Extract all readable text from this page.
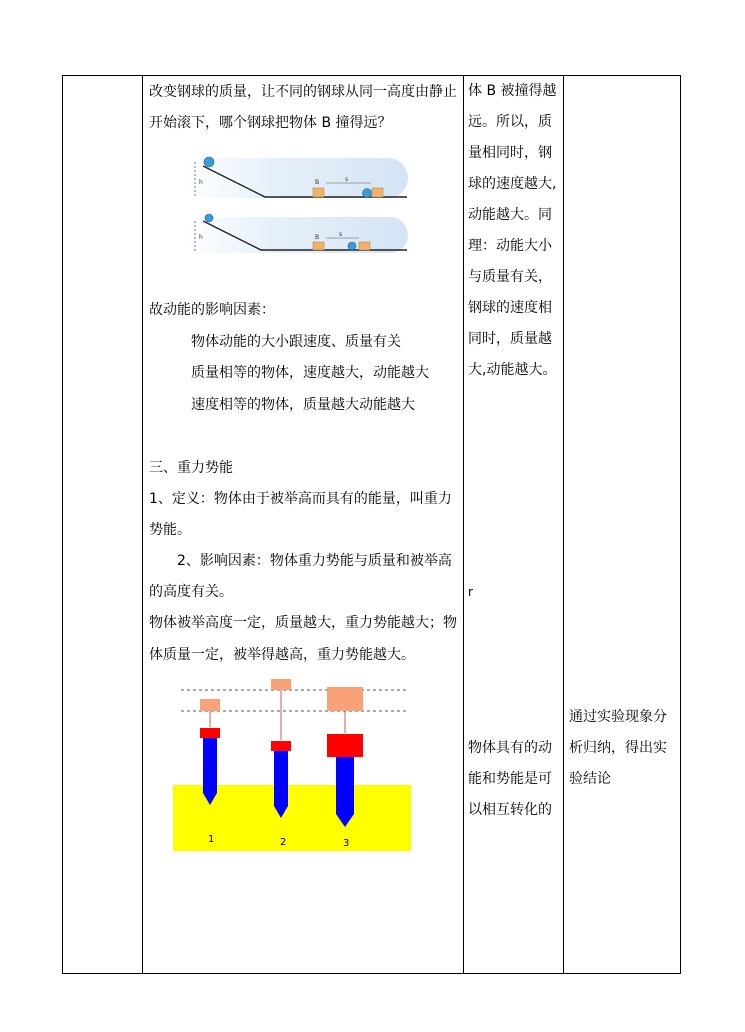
改变钢球的质量，让不同的钢球从同一高度由静止
开始滚下，哪个钢球把物体 B 撞得远？
h	B	s
h	B	s
故动能的影响因素：
物体动能的大小跟速度、质量有关
质量相等的物体，速度越大，动能越大
速度相等的物体，质量越大动能越大
三、重力势能
1、定义：物体由于被举高而具有的能量，叫重力
势能。
2、影响因素：物体重力势能与质量和被举高
的高度有关。
物体被举高度一定，质量越大，重力势能越大；物
体质量一定，被举得越高，重力势能越大。
1	2	3

体 B 被撞得越

远。所以，质

量相同时，钢

球的速度越大,

动能越大。同

理：动能大小

与质量有关，

钢球的速度相

同时，质量越

大,动能越大。

r

物体具有的动

能和势能是可

以相互转化的

通过实验现象分

析归纳，得出实

验结论
